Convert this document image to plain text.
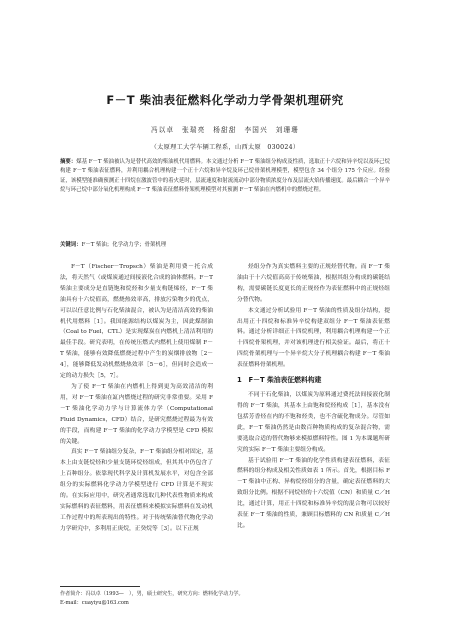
F－T 柴油表征燃料化学动力学骨架机理研究
冯以卓　张瑞亮　杨甜甜　李国兴　刘珊珊
（太原理工大学车辆工程系，山西太原　030024）
摘要：煤基 F－T 柴油被认为是替代高效的柴油机代用燃料。本文通过分析 F－T 柴油组分构成及性质，选取正十六烷和异辛烷以及环己烷构建 F－T 柴油表征燃料，并利用耦合机理构建一个正十六烷和异辛烷及环己烷骨架机理模型，模型包含 34 个组分 175 个反应。经验证，该模型能准确预测正十四烷在激波管中的着火延时，层流速度和射流流动中部分物质浓度分布及层流火焰传播速度。最后耦合一个异辛烷与环己烷中部分氧化机理构成 F－T 柴油表征燃料骨架机理模型对其预测 F－T 柴油在内燃机中的燃烧过程。
关键词：F－T 柴油；化学动力学；骨架机理

F－T（Fischer－Tropsch）柴油是利用费－托合成法，将天然气（或煤炭通过间接液化合成的油体燃料。F－T 柴油主要成分是直链饱和烷烃和少量支构链烯烃，F－T 柴油具有十六烷值高，燃烧热效率高，排放污染物少的优点，可以以任意比例与石化柴油混合，被认为是清洁高效的柴油机代用燃料［1］。我国能源结构以煤炭为主，因此煤制油（Coal to Fuel，CTL）是实现煤炭在内燃机上清洁利用的最佳手段。研究表明，在传统压燃式内燃机上使用煤制 F－T 柴油，能够有效降低燃烧过程中产生的炭烟排放物［2－4］，能够降低发动机燃烧热效率［5－6］，但同时会造成一定的动力损失［5，7］。

为了使 F－T 柴油在内燃机上得到更为高效清洁的利用，对 F－T 柴油在缸内燃烧过程的研究非常重要。采用 F－T 柴油化学动力学与计算流体力学（Computational Fluid Dynamics，CFD）结合，是研究燃烧过程最为有效的手段，而构建 F－T 柴油的化学动力学模型是 CFD 模拟的关键。

真实 F－T 柴油组分复杂，F－T 柴油组分相对固定，基本上由支链烷烃和少量支链环烷烃组成，但其其中仍包含了上百种组分。依靠现代科学及计算机发展水平，对包含全部组分的实际燃料化学动力学模型进行 CFD 计算是不现实的。在实际应用中，研究者通常选取几种代表性物质来构成实际燃料的表征燃料，用表征燃料来模拟实际燃料在发动机工作过程中的所表现出的特性。对于传统柴油替代物化学动力学研究中，多利用正庚烷，正癸烷等［3］。以下正规

烃组分作为真实燃料主要的正规烃替代物。而 F－T 柴油由于十六烷值高高于传统柴油，根据其组分构成的碳链结构，需要碳链长度更长的正规烃作为表征燃料中的正规烃组分替代物。

本文通过分析试验用 F－T 柴油的性质及组分结构，提出用正十四烷和标准异辛烷构建双组分 F－T 柴油表征燃料。通过分析详细正十四烷机理，利用耦合机理构建一个正十四烷骨架机理，并对该机理进行相关验证。最后，将正十四烷骨架机理与一个异辛烷大分子机理耦合构建 F－T 柴油表征燃料骨架机理。

1　F－T 柴油表征燃料构建

不同于石化柴油，以煤炭为原料通过费托法间接液化制得的 F－T 柴油，其基本上由饱和烷烃构成［1］，基本没有包括芳香烃在内的不饱和烃类，也不含硫化物成分。尽管如此，F－T 柴油仍然是由数百种物质构成的复杂混合物，需要选取合适的替代物够来模拟燃料特性。图 1 为本课题所研究的实际 F－T 柴油主要组分构成。

基于试验用 F－T 柴油的化学性质构建表征燃料，表征燃料的组分构成及相关性质如表 1 所示。首先，根据目标 F－T 柴油中正构、异构烷烃组分的含量，确定表征燃料的大致组分比例。根据不同烷烃的十六烷值（CN）和质量 C／H 比，通过计算，用正十四烷和标准异辛烷的混合物可以较好表征 F－T 柴油的性质，兼顾目标燃料的 CN 和质量 C／H 比。

作者简介：冯以卓（1993—　），男，硕士研究生，研究方向：燃料化学动力学。
E-mail：cuayiyu@163.com
